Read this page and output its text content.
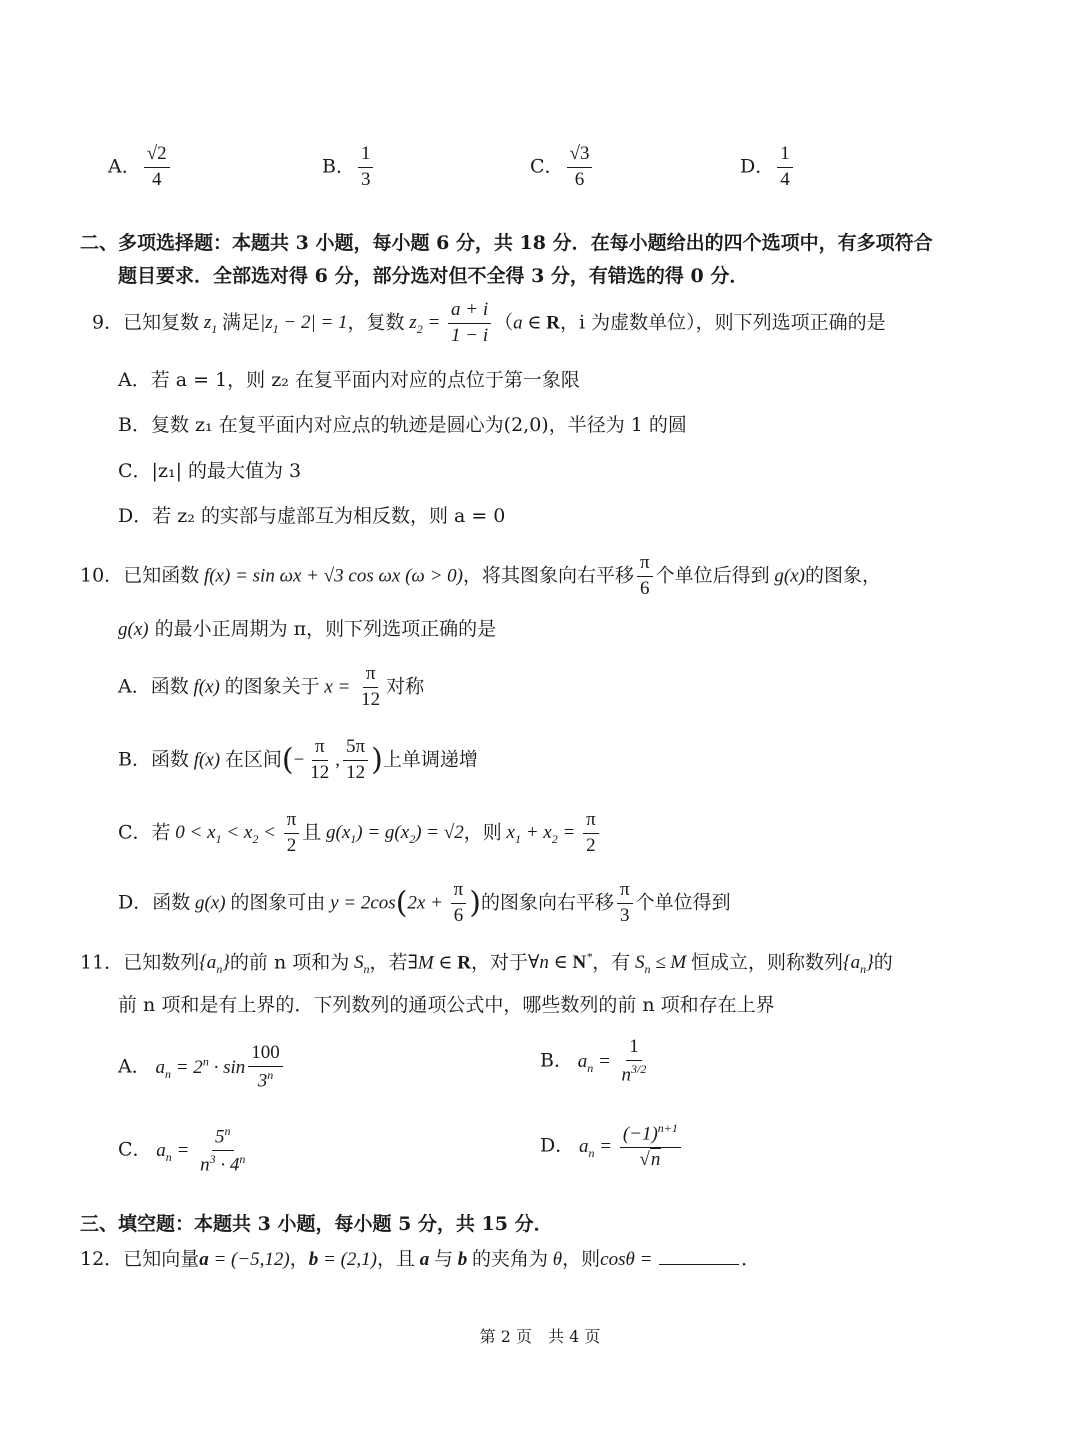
A． $\frac{√2}{4}$	B． $\frac{1}{3}$	C． $\frac{√3}{6}$	D． $\frac{1}{4}$
二、多项选择题：本题共 3 小题，每小题 6 分，共 18 分．在每小题给出的四个选项中，有多项符合
题目要求．全部选对得 6 分，部分选对但不全得 3 分，有错选的得 0 分．
9．已知复数 $z_1$ 满足$|z_1 - 2| = 1$，复数 $z_2 = \frac{a + i}{1 - i} (a$ ∈ R，i 为虚数单位），则下列选项正确的是
A．若 a = 1，则 z₂ 在复平面内对应的点位于第一象限
B．复数 z₁ 在复平面内对应点的轨迹是圆心为(2,0)，半径为 1 的圆
C．|z₁| 的最大值为 3
D．若 z₂ 的实部与虚部互为相反数，则 a = 0
10．已知函数 f(x) = sin ωx + √3 cos ωx (ω > 0)，将其图象向右平移 $\frac{\pi}{6}$ 个单位后得到 g(x)的图象，
g(x) 的最小正周期为 π，则下列选项正确的是
A．函数 f(x) 的图象关于 $x = \frac{\pi}{12}$ 对称
B．函数 f(x) 在区间(− $\frac{\pi}{12}$ , $\frac{5\pi}{12}$ )上单调递增
C．若 $0 < x_1 < x_2 < \frac{\pi}{2}$ 且 $g(x_1) = g(x_2) = √2$，则 $x_1 + x_2 = \frac{\pi}{2}$
D．函数 g(x) 的图象可由 $y = 2\cos(2x + \frac{\pi}{6}$ )的图象向右平移 $\frac{\pi}{3}$ 个单位得到
11．已知数列$\{a_n\}$的前 n 项和为 $S_n$，若∃M ∈ R，对于∀n ∈ N*，有 $S_n \le M$ 恒成立，则称数列$\{a_n\}$的
前 n 项和是有上界的．下列数列的通项公式中，哪些数列的前 n 项和存在上界
A． $a_n = 2^n \cdot \sin \frac{100}{3^n}$	B． $a_n = \frac{1}{n^{3/2}}$
C． $a_n = \frac{5^n}{n^3 \cdot 4^n}$	D． $a_n = \frac{(-1)^{n+1}}{√n}$
三、填空题：本题共 3 小题，每小题 5 分，共 15 分．
12．已知向量a = (−5,12)，b = (2,1)，且 a 与 b 的夹角为 θ，则cosθ =	．
第 2 页　共 4 页
